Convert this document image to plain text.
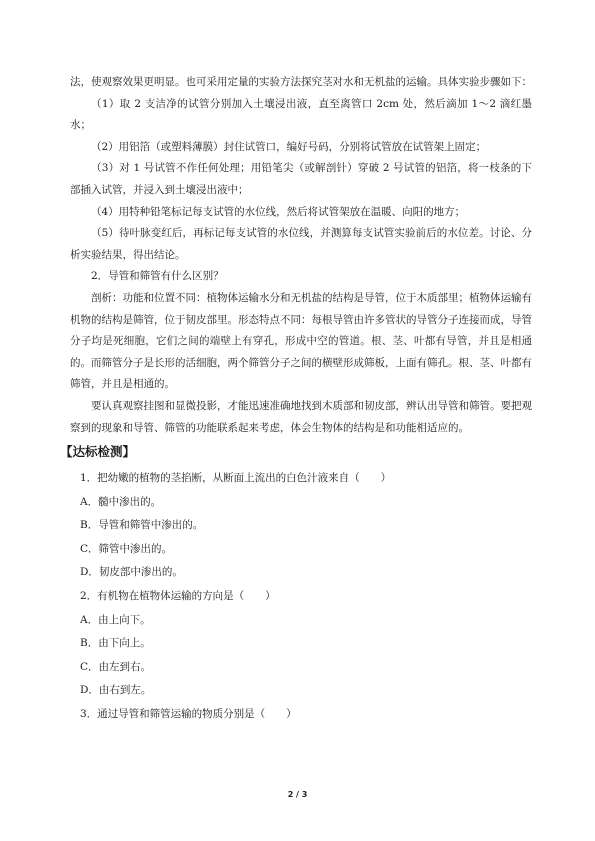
法，使观察效果更明显。也可采用定量的实验方法探究茎对水和无机盐的运输。具体实验步骤如下：

（1）取 2 支洁净的试管分别加入土壤浸出液，直至离管口 2cm 处，然后滴加 1～2 滴红墨水；

（2）用铝箔（或塑料薄膜）封住试管口，编好号码，分别将试管放在试管架上固定；

（3）对 1 号试管不作任何处理；用铅笔尖（或解剖针）穿破 2 号试管的铝箔，将一枝条的下部插入试管，并浸入到土壤浸出液中；

（4）用特种铅笔标记每支试管的水位线，然后将试管架放在温暖、向阳的地方；

（5）待叶脉变红后，再标记每支试管的水位线，并测算每支试管实验前后的水位差。讨论、分析实验结果，得出结论。

2．导管和筛管有什么区别？

剖析：功能和位置不同：植物体运输水分和无机盐的结构是导管，位于木质部里；植物体运输有机物的结构是筛管，位于韧皮部里。形态特点不同：每根导管由许多管状的导管分子连接而成，导管分子均是死细胞，它们之间的端壁上有穿孔，形成中空的管道。根、茎、叶都有导管，并且是相通的。而筛管分子是长形的活细胞，两个筛管分子之间的横壁形成筛板，上面有筛孔。根、茎、叶都有筛管，并且是相通的。

要认真观察挂图和显微投影，才能迅速准确地找到木质部和韧皮部，辨认出导管和筛管。要把观察到的现象和导管、筛管的功能联系起来考虑，体会生物体的结构是和功能相适应的。

【达标检测】

1．把幼嫩的植物的茎掐断，从断面上流出的白色汁液来自（　　）

A．髓中渗出的。

B．导管和筛管中渗出的。

C．筛管中渗出的。

D．韧皮部中渗出的。

2．有机物在植物体运输的方向是（　　）

A．由上向下。

B．由下向上。

C．由左到右。

D．由右到左。

3．通过导管和筛管运输的物质分别是（　　）

2 / 3
